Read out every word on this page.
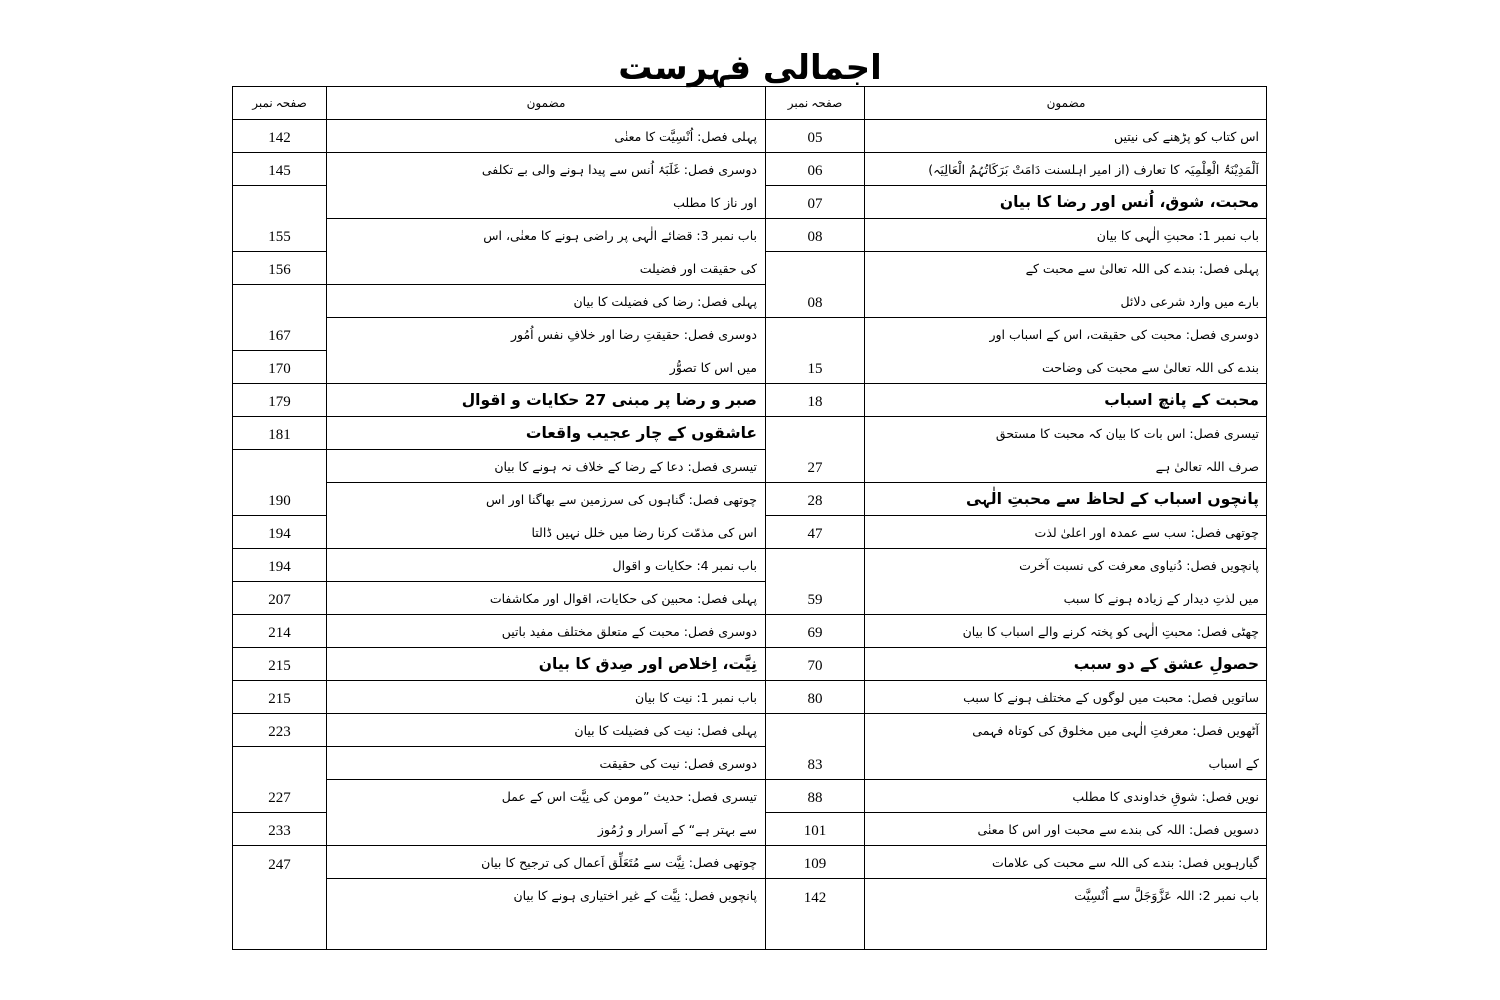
اجمالی فہرست
صفحہ نمبر
142
145
155
156
167
170
179
181
190
194
194
207
214
215
215
223
227
233
247
مضمون
پہلی فصل: اُنْسِیَّت کا معنٰی
دوسری فصل: غَلَبَۂ اُنس سے پیدا ہونے والی بے تکلفی
اور ناز کا مطلب
باب نمبر 3: قضائے الٰہی پر راضی ہونے کا معنٰی، اس
کی حقیقت اور فضیلت
پہلی فصل: رضا کی فضیلت کا بیان
دوسری فصل: حقیقتِ رضا اور خلافِ نفس اُمُور
میں اس کا تصوُّر
صبر و رضا پر مبنی 27 حکایات و اقوال
عاشقوں کے چار عجیب واقعات
تیسری فصل: دعا کے رضا کے خلاف نہ ہونے کا بیان
چوتھی فصل: گناہوں کی سرزمین سے بھاگنا اور اس
اس کی مذمّت کرنا رضا میں خلل نہیں ڈالتا
باب نمبر 4: حکایات و اقوال
پہلی فصل: محبین کی حکایات، اقوال اور مکاشفات
دوسری فصل: محبت کے متعلق مختلف مفید باتیں
نِیَّت، اِخلاص اور صِدق کا بیان
باب نمبر 1: نیت کا بیان
پہلی فصل: نیت کی فضیلت کا بیان
دوسری فصل: نیت کی حقیقت
تیسری فصل: حدیث ”مومن کی نِیَّت اس کے عمل
سے بہتر ہے“ کے اَسرار و رُمُوز
چوتھی فصل: نِیَّت سے مُتَعَلِّق اَعمال کی ترجیح کا بیان
پانچویں فصل: نِیَّت کے غیر اختیاری ہونے کا بیان
صفحہ نمبر
05
06
07
08
08
15
18
27
28
47
59
69
70
80
83
88
101
109
142
مضمون
اس کتاب کو پڑھنے کی نیتیں
اَلْمَدِیْنَۃُ الْعِلْمِیَہ کا تعارف (از امیر اہلسنت دَامَتْ بَرَکَاتُہُمُ الْعَالِیَہ)
محبت، شوق، اُنس اور رضا کا بیان
باب نمبر 1: محبتِ الٰہی کا بیان
پہلی فصل: بندے کی اللہ تعالیٰ سے محبت کے
بارے میں وارد شرعی دلائل
دوسری فصل: محبت کی حقیقت، اس کے اسباب اور
بندے کی اللہ تعالیٰ سے محبت کی وضاحت
محبت کے پانچ اسباب
تیسری فصل: اس بات کا بیان کہ محبت کا مستحق
صرف اللہ تعالیٰ ہے
پانچوں اسباب کے لحاظ سے محبتِ الٰہی
چوتھی فصل: سب سے عمدہ اور اعلیٰ لذت
پانچویں فصل: دُنیاوی معرفت کی نسبت آخرت
میں لذتِ دیدار کے زیادہ ہونے کا سبب
چھٹی فصل: محبتِ الٰہی کو پختہ کرنے والے اسباب کا بیان
حصولِ عشق کے دو سبب
ساتویں فصل: محبت میں لوگوں کے مختلف ہونے کا سبب
آٹھویں فصل: معرفتِ الٰہی میں مخلوق کی کوتاہ فہمی
کے اسباب
نویں فصل: شوقِ خداوندی کا مطلب
دسویں فصل: اللہ کی بندے سے محبت اور اس کا معنٰی
گیارہویں فصل: بندے کی اللہ سے محبت کی علامات
باب نمبر 2: اللہ عَزَّوَجَلَّ سے اُنْسِیَّت
